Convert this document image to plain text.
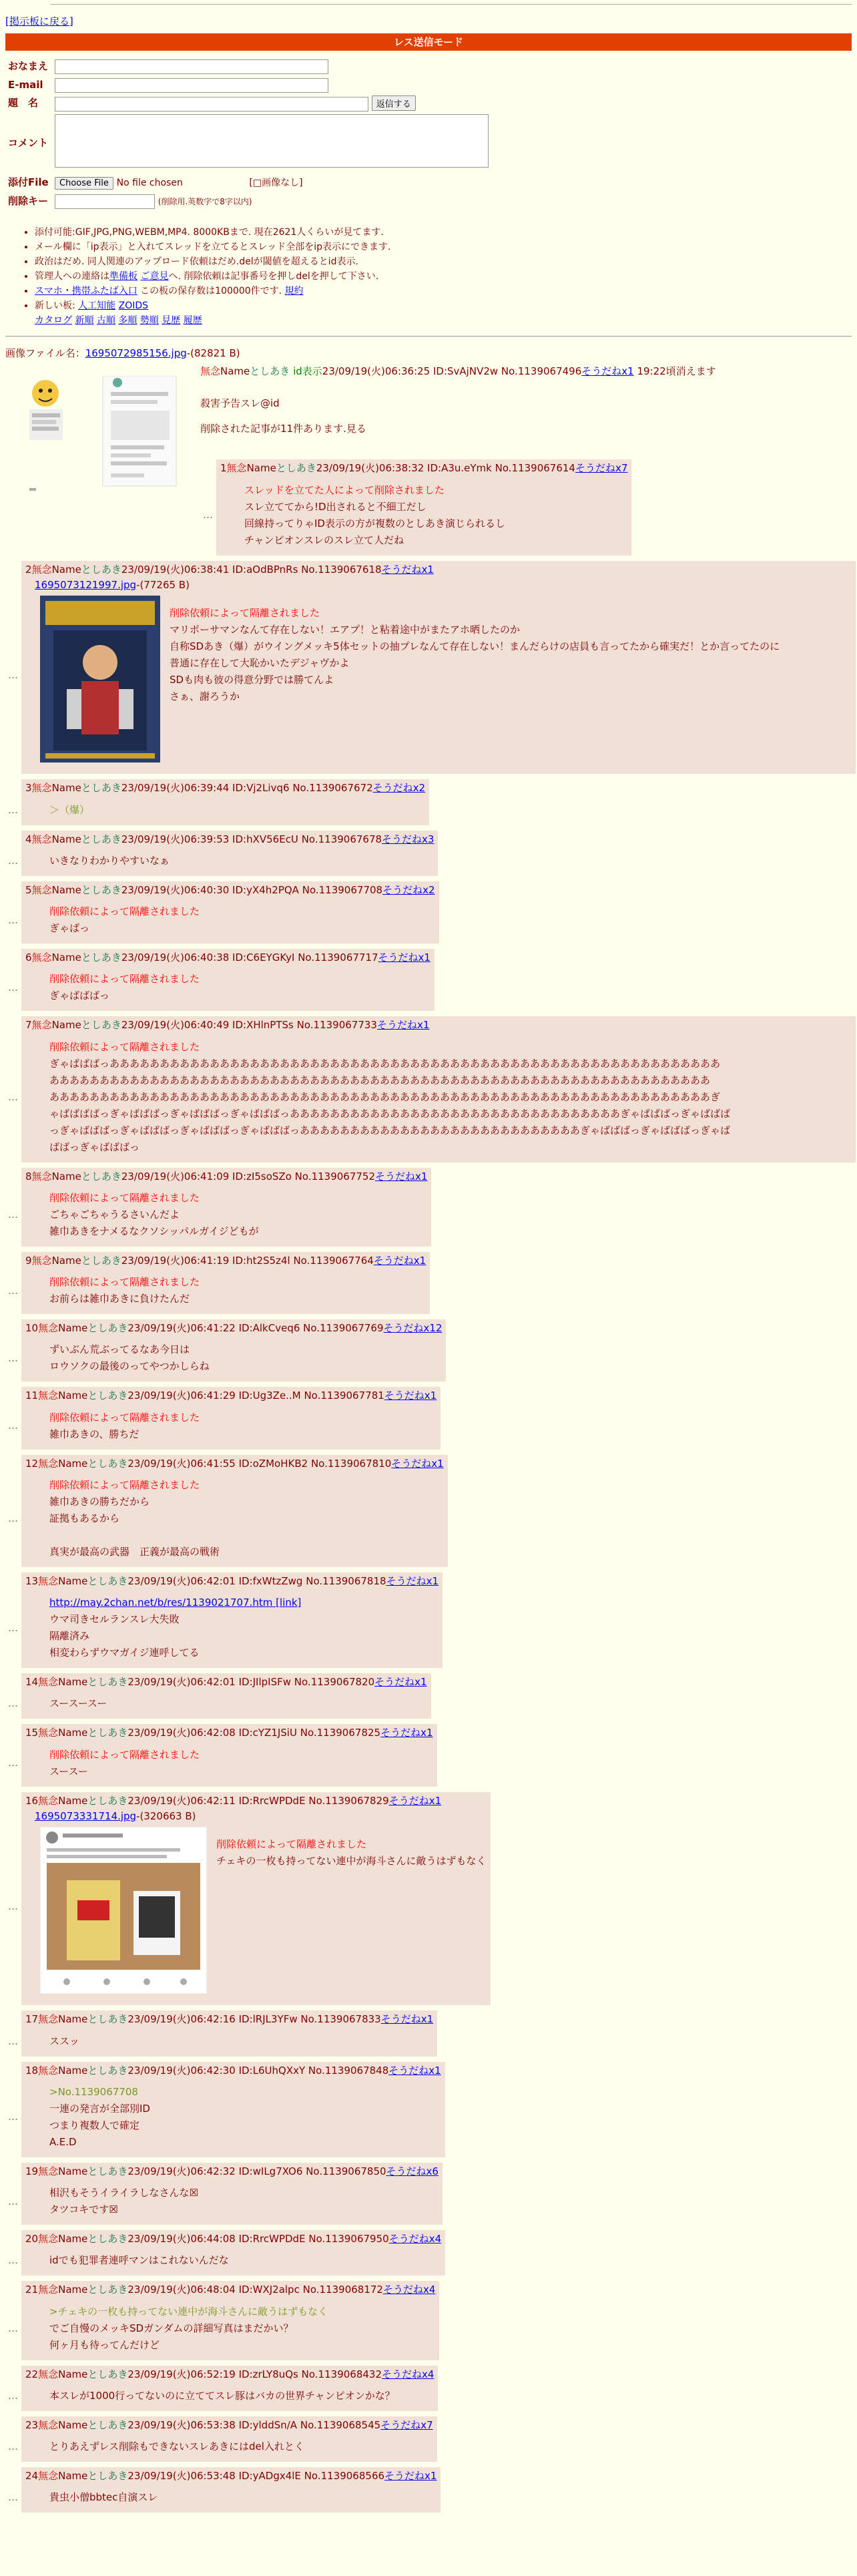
[掲示板に戻る]
レス送信モード
おなまえ	
E-mail	
題　名	返信する
コメント	
添付File	Choose File No file chosen [□画像なし]
削除キー	(削除用.英数字で8字以内)
• 添付可能:GIF,JPG,PNG,WEBM,MP4. 8000KBまで. 現在2621人くらいが見てます.
• メール欄に「ip表示」と入れてスレッドを立てるとスレッド全部をip表示にできます.
• 政治はだめ. 同人関連のアップロード依頼はだめ.delが閾値を超えるとid表示.
• 管理人への連絡は準備板 ご意見へ. 削除依頼は記事番号を押しdelを押して下さい.
• スマホ・携帯ふたば入口 この板の保存数は100000件です. 規約
• 新しい板: 人工知能 ZOIDS
カタログ 新順 古順 多順 勢順 見歴 履歴
画像ファイル名：1695072985156.jpg-(82821 B)
無念Nameとしあき id表示23/09/19(火)06:36:25 ID:SvAjNV2w No.1139067496そうだねx1 19:22頃消えます
殺害予告スレ@id
削除された記事が11件あります.見る
…
1無念Nameとしあき23/09/19(火)06:38:32 ID:A3u.eYmk No.1139067614そうだねx7
スレッドを立てた人によって削除されました
スレ立ててから!D出されると不細工だし
回線持ってりゃID表示の方が複数のとしあき演じられるし
チャンピオンスレのスレ立て人だね
…
2無念Nameとしあき23/09/19(火)06:38:41 ID:aOdBPnRs No.1139067618そうだねx1
1695073121997.jpg-(77265 B)
削除依頼によって隔離されました
マリポーサマンなんて存在しない！エアプ！と粘着途中がまたアホ晒したのか
自称SDあき（爆）がウイングメッキ5体セットの抽プレなんて存在しない！まんだらけの店員も言ってたから確実だ！とか言ってたのに
普通に存在して大恥かいたデジャヴかよ
SDも肉も彼の得意分野では勝てんよ
さぁ、謝ろうか
…
3無念Nameとしあき23/09/19(火)06:39:44 ID:Vj2Livq6 No.1139067672そうだねx2
＞（爆）
…
4無念Nameとしあき23/09/19(火)06:39:53 ID:hXV56EcU No.1139067678そうだねx3
いきなりわかりやすいなぁ
…
5無念Nameとしあき23/09/19(火)06:40:30 ID:yX4h2PQA No.1139067708そうだねx2
削除依頼によって隔離されました
ぎゃばっ
…
6無念Nameとしあき23/09/19(火)06:40:38 ID:C6EYGKyI No.1139067717そうだねx1
削除依頼によって隔離されました
ぎゃばばばっ
…
7無念Nameとしあき23/09/19(火)06:40:49 ID:XHlnPTSs No.1139067733そうだねx1
削除依頼によって隔離されました
ぎゃばばばっあああああああああああああああああああああああああああああああああああああああああああああああああああああああああああああ
ああああああああああああああああああああああああああああああああああああああああああああああああああああああああああああああああああ
ああああああああああああああああああああああああああああああああああああああああああああああああああああああああああああああああああぎ
ゃばばばばっぎゃばばばっぎゃばばばっぎゃばばばっあああああああああああああああああああああああああああああああああぎゃばばばっぎゃばばば
っぎゃばばばっぎゃばばばっぎゃばばばっぎゃばばばっああああああああああああああああああああああああああああぎゃばばばっぎゃばばばっぎゃば
ばばっぎゃばばばっ
…
8無念Nameとしあき23/09/19(火)06:41:09 ID:zI5soSZo No.1139067752そうだねx1
削除依頼によって隔離されました
ごちゃごちゃうるさいんだよ
雑巾あきをナメるなクソシッパルガイジどもが
…
9無念Nameとしあき23/09/19(火)06:41:19 ID:ht2S5z4l No.1139067764そうだねx1
削除依頼によって隔離されました
お前らは雑巾あきに負けたんだ
…
10無念Nameとしあき23/09/19(火)06:41:22 ID:AlkCveq6 No.1139067769そうだねx12
ずいぶん荒ぶってるなあ今日は
ロウソクの最後のってやつかしらね
…
11無念Nameとしあき23/09/19(火)06:41:29 ID:Ug3Ze..M No.1139067781そうだねx1
削除依頼によって隔離されました
雑巾あきの、勝ちだ
…
12無念Nameとしあき23/09/19(火)06:41:55 ID:oZMoHKB2 No.1139067810そうだねx1
削除依頼によって隔離されました
雑巾あきの勝ちだから
証拠もあるから
真実が最高の武器　正義が最高の戦術
…
13無念Nameとしあき23/09/19(火)06:42:01 ID:fxWtzZwg No.1139067818そうだねx1
http://may.2chan.net/b/res/1139021707.htm [link]
ウマ司きセルランスレ大失敗
隔離済み
相変わらずウマガイジ連呼してる
…
14無念Nameとしあき23/09/19(火)06:42:01 ID:JIlpISFw No.1139067820そうだねx1
スースースー
…
15無念Nameとしあき23/09/19(火)06:42:08 ID:cYZ1JSiU No.1139067825そうだねx1
削除依頼によって隔離されました
スースー
…
16無念Nameとしあき23/09/19(火)06:42:11 ID:RrcWPDdE No.1139067829そうだねx1
1695073331714.jpg-(320663 B)
削除依頼によって隔離されました
チェキの一枚も持ってない連中が海斗さんに敵うはずもなく
…
17無念Nameとしあき23/09/19(火)06:42:16 ID:lRJL3YFw No.1139067833そうだねx1
ススッ
…
18無念Nameとしあき23/09/19(火)06:42:30 ID:L6UhQXxY No.1139067848そうだねx1
>No.1139067708
一連の発言が全部別ID
つまり複数人で確定
A.E.D
…
19無念Nameとしあき23/09/19(火)06:42:32 ID:wILg7XO6 No.1139067850そうだねx6
相沢もそうイライラしなさんな☒
タツコキです☒
…
20無念Nameとしあき23/09/19(火)06:44:08 ID:RrcWPDdE No.1139067950そうだねx4
idでも犯罪者連呼マンはこれないんだな
…
21無念Nameとしあき23/09/19(火)06:48:04 ID:WXJ2alpc No.1139068172そうだねx4
>チェキの一枚も持ってない連中が海斗さんに敵うはずもなく
でご自慢のメッキSDガンダムの詳細写真はまだかい？
何ヶ月も待ってんだけど
…
22無念Nameとしあき23/09/19(火)06:52:19 ID:zrLY8uQs No.1139068432そうだねx4
本スレが1000行ってないのに立ててスレ豚はバカの世界チャンピオンかな？
…
23無念Nameとしあき23/09/19(火)06:53:38 ID:ylddSn/A No.1139068545そうだねx7
とりあえずレス削除もできないスレあきにはdel入れとく
…
24無念Nameとしあき23/09/19(火)06:53:48 ID:yADgx4lE No.1139068566そうだねx1
貴虫小僧bbtec自演スレ
